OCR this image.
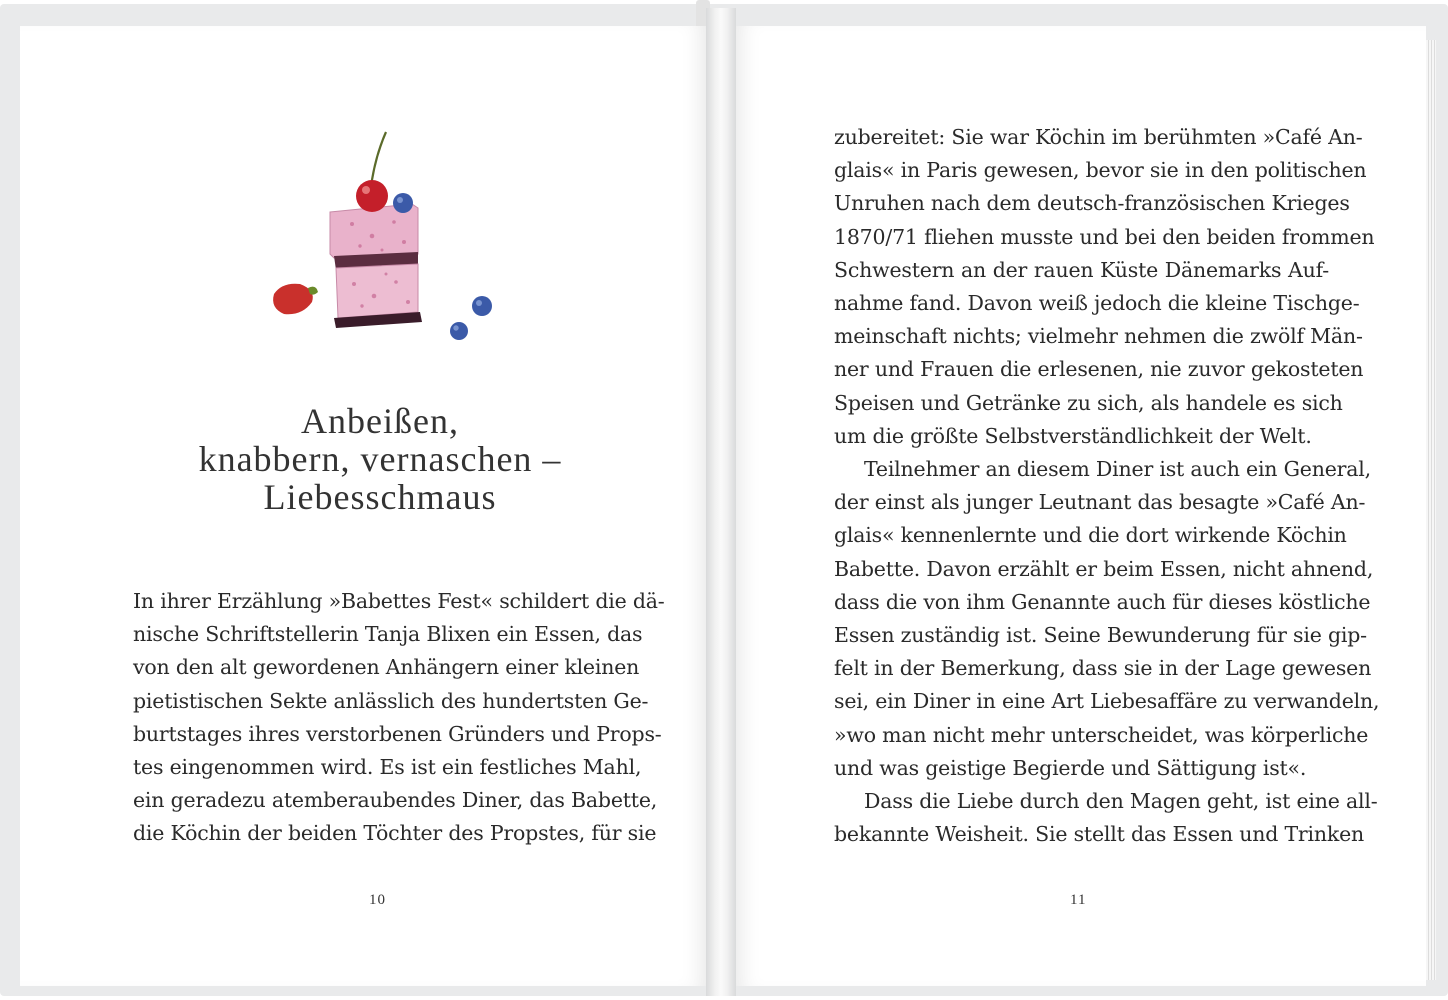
Anbeißen,
knabbern, vernaschen –
Liebesschmaus
In ihrer Erzählung »Babettes Fest« schildert die dä-
nische Schriftstellerin Tanja Blixen ein Essen, das
von den alt gewordenen Anhängern einer kleinen
pietistischen Sekte anlässlich des hundertsten Ge-
burtstages ihres verstorbenen Gründers und Props-
tes eingenommen wird. Es ist ein festliches Mahl,
ein geradezu atemberaubendes Diner, das Babette,
die Köchin der beiden Töchter des Propstes, für sie
zubereitet: Sie war Köchin im berühmten »Café An-
glais« in Paris gewesen, bevor sie in den politischen
Unruhen nach dem deutsch-französischen Krieges
1870/71 fliehen musste und bei den beiden frommen
Schwestern an der rauen Küste Dänemarks Auf-
nahme fand. Davon weiß jedoch die kleine Tischge-
meinschaft nichts; vielmehr nehmen die zwölf Män-
ner und Frauen die erlesenen, nie zuvor gekosteten
Speisen und Getränke zu sich, als handele es sich
um die größte Selbstverständlichkeit der Welt.
Teilnehmer an diesem Diner ist auch ein General,
der einst als junger Leutnant das besagte »Café An-
glais« kennenlernte und die dort wirkende Köchin
Babette. Davon erzählt er beim Essen, nicht ahnend,
dass die von ihm Genannte auch für dieses köstliche
Essen zuständig ist. Seine Bewunderung für sie gip-
felt in der Bemerkung, dass sie in der Lage gewesen
sei, ein Diner in eine Art Liebesaffäre zu verwandeln,
»wo man nicht mehr unterscheidet, was körperliche
und was geistige Begierde und Sättigung ist«.
Dass die Liebe durch den Magen geht, ist eine all-
bekannte Weisheit. Sie stellt das Essen und Trinken
10	11
